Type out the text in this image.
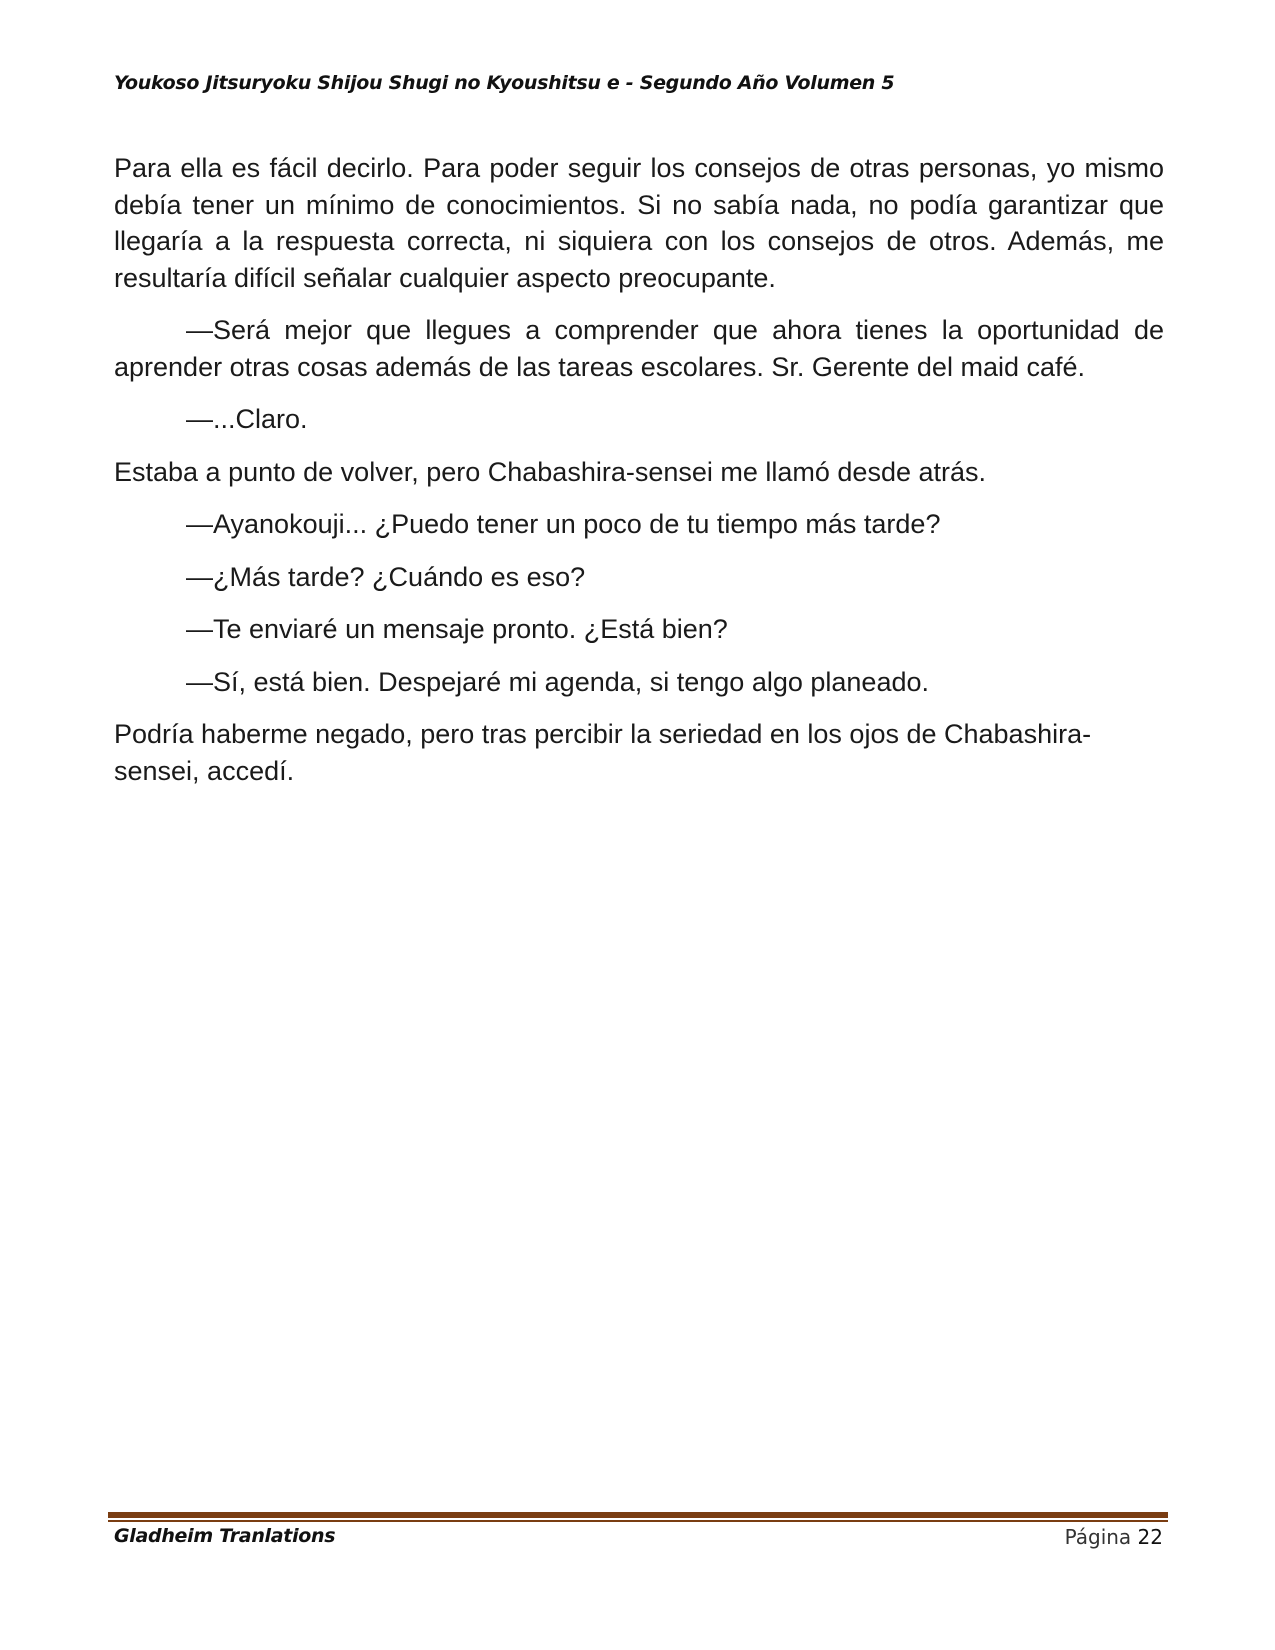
Youkoso Jitsuryoku Shijou Shugi no Kyoushitsu e - Segundo Año Volumen 5

Para ella es fácil decirlo. Para poder seguir los consejos de otras personas, yo mismo debía tener un mínimo de conocimientos. Si no sabía nada, no podía garantizar que llegaría a la respuesta correcta, ni siquiera con los consejos de otros. Además, me resultaría difícil señalar cualquier aspecto preocupante.

—Será mejor que llegues a comprender que ahora tienes la oportunidad de aprender otras cosas además de las tareas escolares. Sr. Gerente del maid café.

—...Claro.

Estaba a punto de volver, pero Chabashira-sensei me llamó desde atrás.

—Ayanokouji... ¿Puedo tener un poco de tu tiempo más tarde?

—¿Más tarde? ¿Cuándo es eso?

—Te enviaré un mensaje pronto. ¿Está bien?

—Sí, está bien. Despejaré mi agenda, si tengo algo planeado.

Podría haberme negado, pero tras percibir la seriedad en los ojos de Chabashira-sensei, accedí.

Gladheim Tranlations	Página 22
